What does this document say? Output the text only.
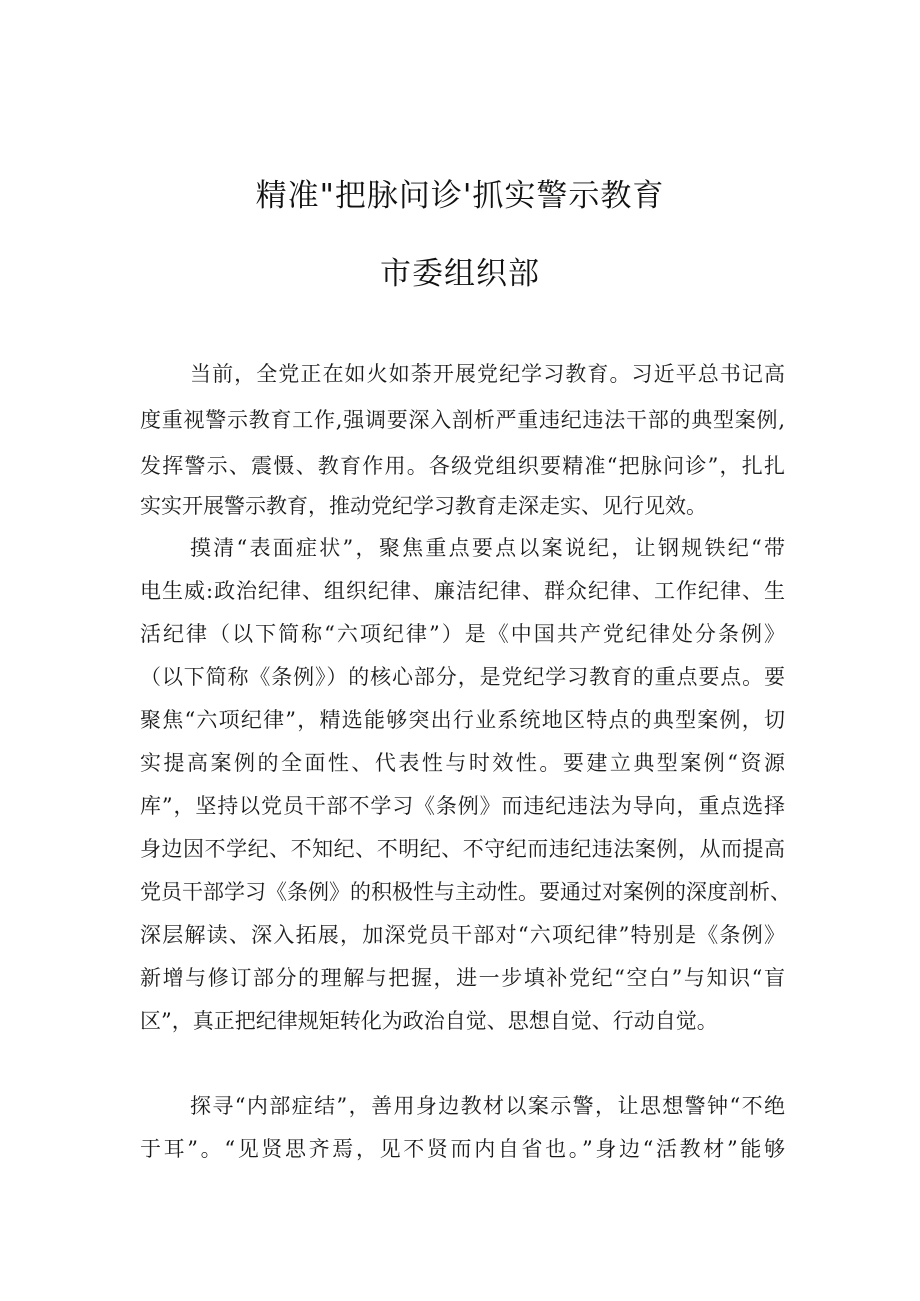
精准"把脉问诊'抓实警示教育
市委组织部
当前，全党正在如火如荼开展党纪学习教育。习近平总书记高
度重视警示教育工作,强调要深入剖析严重违纪违法干部的典型案例,
发挥警示、震慑、教育作用。各级党组织要精准“把脉问诊”，扎扎
实实开展警示教育，推动党纪学习教育走深走实、见行见效。
摸清“表面症状”，聚焦重点要点以案说纪，让钢规铁纪“带
电生威:政治纪律、组织纪律、廉洁纪律、群众纪律、工作纪律、生
活纪律（以下简称“六项纪律”）是《中国共产党纪律处分条例》
（以下简称《条例》）的核心部分，是党纪学习教育的重点要点。要
聚焦“六项纪律”，精选能够突出行业系统地区特点的典型案例，切
实提高案例的全面性、代表性与时效性。要建立典型案例“资源
库”，坚持以党员干部不学习《条例》而违纪违法为导向，重点选择
身边因不学纪、不知纪、不明纪、不守纪而违纪违法案例，从而提高
党员干部学习《条例》的积极性与主动性。要通过对案例的深度剖析、
深层解读、深入拓展，加深党员干部对“六项纪律”特别是《条例》
新增与修订部分的理解与把握，进一步填补党纪“空白”与知识“盲
区”，真正把纪律规矩转化为政治自觉、思想自觉、行动自觉。
探寻“内部症结”，善用身边教材以案示警，让思想警钟“不绝
于耳”。“见贤思齐焉，见不贤而内自省也。”身边“活教材”能够
